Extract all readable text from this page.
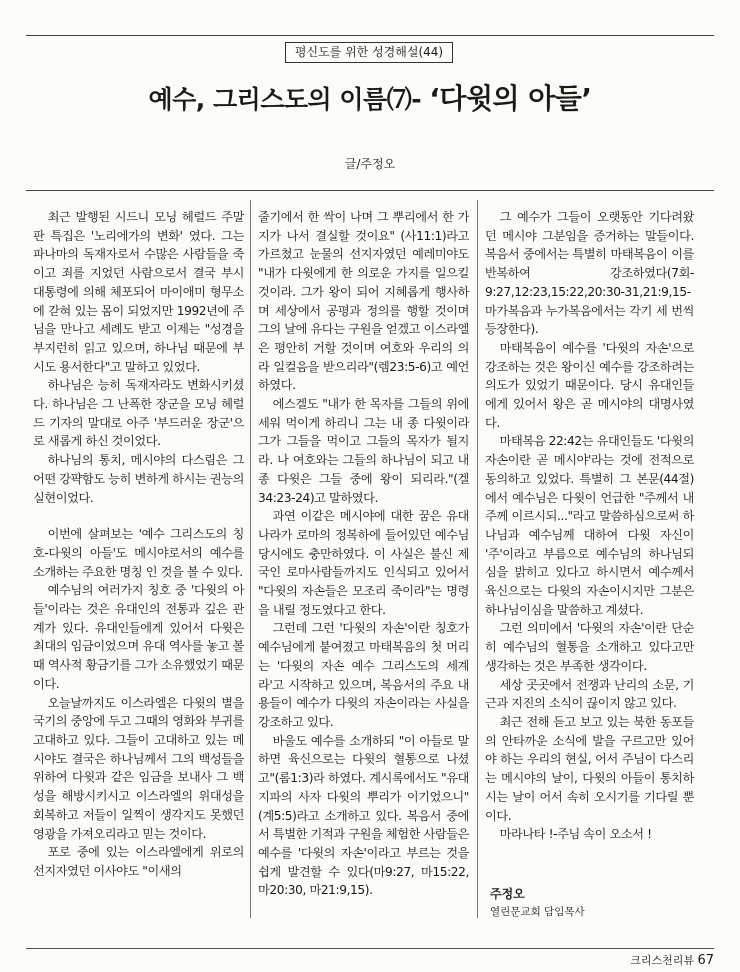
평신도를 위한 성경해설(44)
예수, 그리스도의 이름⑺- ‘다윗의 아들’
글/주정오

최근 발행된 시드니 모닝 헤럴드 주말판 특집은 '노리에가의 변화' 였다. 그는 파나마의 독재자로서 수많은 사람들을 죽이고 죄를 지었던 사람으로서 결국 부시 대통령에 의해 체포되어 마이애미 형무소에 갇혀 있는 몸이 되었지만 1992년에 주님을 만나고 세례도 받고 이제는 "성경을 부지런히 읽고 있으며, 하나님 때문에 부시도 용서한다"고 말하고 있었다.

하나님은 능히 독재자라도 변화시키셨다. 하나님은 그 난폭한 장군을 모닝 헤럴드 기자의 말대로 아주 '부드러운 장군'으로 새롭게 하신 것이었다.

하나님의 통치, 메시야의 다스림은 그 어떤 강퍅함도 능히 변하게 하시는 권능의 실현이었다.

이번에 살펴보는 '예수 그리스도의 칭호-다윗의 아들'도 메시야로서의 예수를 소개하는 주요한 명칭 인 것을 볼 수 있다.

예수님의 여러가지 칭호 중 '다윗의 아들'이라는 것은 유대인의 전통과 깊은 관계가 있다. 유대인들에게 있어서 다윗은 최대의 임금이었으며 유대 역사를 놓고 볼 때 역사적 황금기를 그가 소유했었기 때문이다.

오늘날까지도 이스라엘은 다윗의 별을 국기의 중앙에 두고 그때의 영화와 부귀를 고대하고 있다. 그들이 고대하고 있는 메시야도 결국은 하나님께서 그의 백성들을 위하여 다윗과 같은 임금을 보내사 그 백성을 해방시키시고 이스라엘의 위대성을 회복하고 저들이 일찍이 생각지도 못했던 영광을 가져오리라고 믿는 것이다.

포로 중에 있는 이스라엘에게 위로의 선지자였던 이사야도 "이새의

줄기에서 한 싹이 나며 그 뿌리에서 한 가지가 나서 결실할 것이요" (사11:1)라고 가르쳤고 눈물의 선지자였던 예레미야도 "내가 다윗에게 한 의로운 가지를 일으킬 것이라. 그가 왕이 되어 지혜롭게 행사하며 세상에서 공평과 정의를 행할 것이며 그의 날에 유다는 구원을 얻겠고 이스라엘은 평안히 거할 것이며 여호와 우리의 의라 일컬음을 받으리라"(렘23:5-6)고 예언하였다.

에스겔도 "내가 한 목자를 그들의 위에 세워 먹이게 하리니 그는 내 종 다윗이라 그가 그들을 먹이고 그들의 목자가 될지라. 나 여호와는 그들의 하나님이 되고 내 종 다윗은 그들 중에 왕이 되리라."(겔34:23-24)고 말하였다.

과연 이같은 메시야에 대한 꿈은 유대 나라가 로마의 정복하에 들어있던 예수님 당시에도 충만하였다. 이 사실은 불신 제국인 로마사람들까지도 인식되고 있어서 "다윗의 자손들은 모조리 죽이라"는 명령을 내릴 정도였다고 한다.

그런데 그런 '다윗의 자손'이란 칭호가 예수님에게 붙여졌고 마태복음의 첫 머리는 '다윗의 자손 예수 그리스도의 세계라'고 시작하고 있으며, 복음서의 주요 내용들이 예수가 다윗의 자손이라는 사실을 강조하고 있다.

바울도 예수를 소개하되 "이 아들로 말하면 육신으로는 다윗의 혈통으로 나셨고"(롬1:3)라 하였다. 계시록에서도 "유대지파의 사자 다윗의 뿌리가 이기었으니"(계5:5)라고 소개하고 있다. 복음서 중에서 특별한 기적과 구원을 체험한 사람들은 예수를 '다윗의 자손'이라고 부르는 것을 쉽게 발견할 수 있다(마9:27, 마15:22, 마20:30, 마21:9,15).

그 예수가 그들이 오랫동안 기다려왔던 메시야 그분임을 증거하는 말들이다. 복음서 중에서는 특별히 마태복음이 이를 반복하여 강조하였다(7회- 9:27,12:23,15:22,20:30-31,21:9,15- 마가복음과 누가복음에서는 각기 세 번씩 등장한다).

마태복음이 예수를 '다윗의 자손'으로 강조하는 것은 왕이신 예수를 강조하려는 의도가 있었기 때문이다. 당시 유대인들에게 있어서 왕은 곧 메시야의 대명사였다.

마태복음 22:42는 유대인들도 '다윗의 자손이란 곧 메시야'라는 것에 전적으로 동의하고 있었다. 특별히 그 본문(44절)에서 예수님은 다윗이 언급한 "주께서 내 주께 이르시되..."라고 말씀하심으로써 하나님과 예수님께 대하여 다윗 자신이 '주'이라고 부름으로 예수님의 하나님되심을 밝히고 있다고 하시면서 예수께서 육신으로는 다윗의 자손이시지만 그분은 하나님이심을 말씀하고 계셨다.

그런 의미에서 '다윗의 자손'이란 단순히 예수님의 혈통을 소개하고 있다고만 생각하는 것은 부족한 생각이다.

세상 곳곳에서 전쟁과 난리의 소문, 기근과 지진의 소식이 끊이지 않고 있다.

최근 전해 듣고 보고 있는 북한 동포들의 안타까운 소식에 발을 구르고만 있어야 하는 우리의 현실, 어서 주님이 다스리는 메시야의 날이, 다윗의 아들이 통치하시는 날이 어서 속히 오시기를 기다릴 뿐이다.

마라나타 !-주님 속이 오소서 !

주정오
열린문교회 담임목사
크리스천리뷰 67
